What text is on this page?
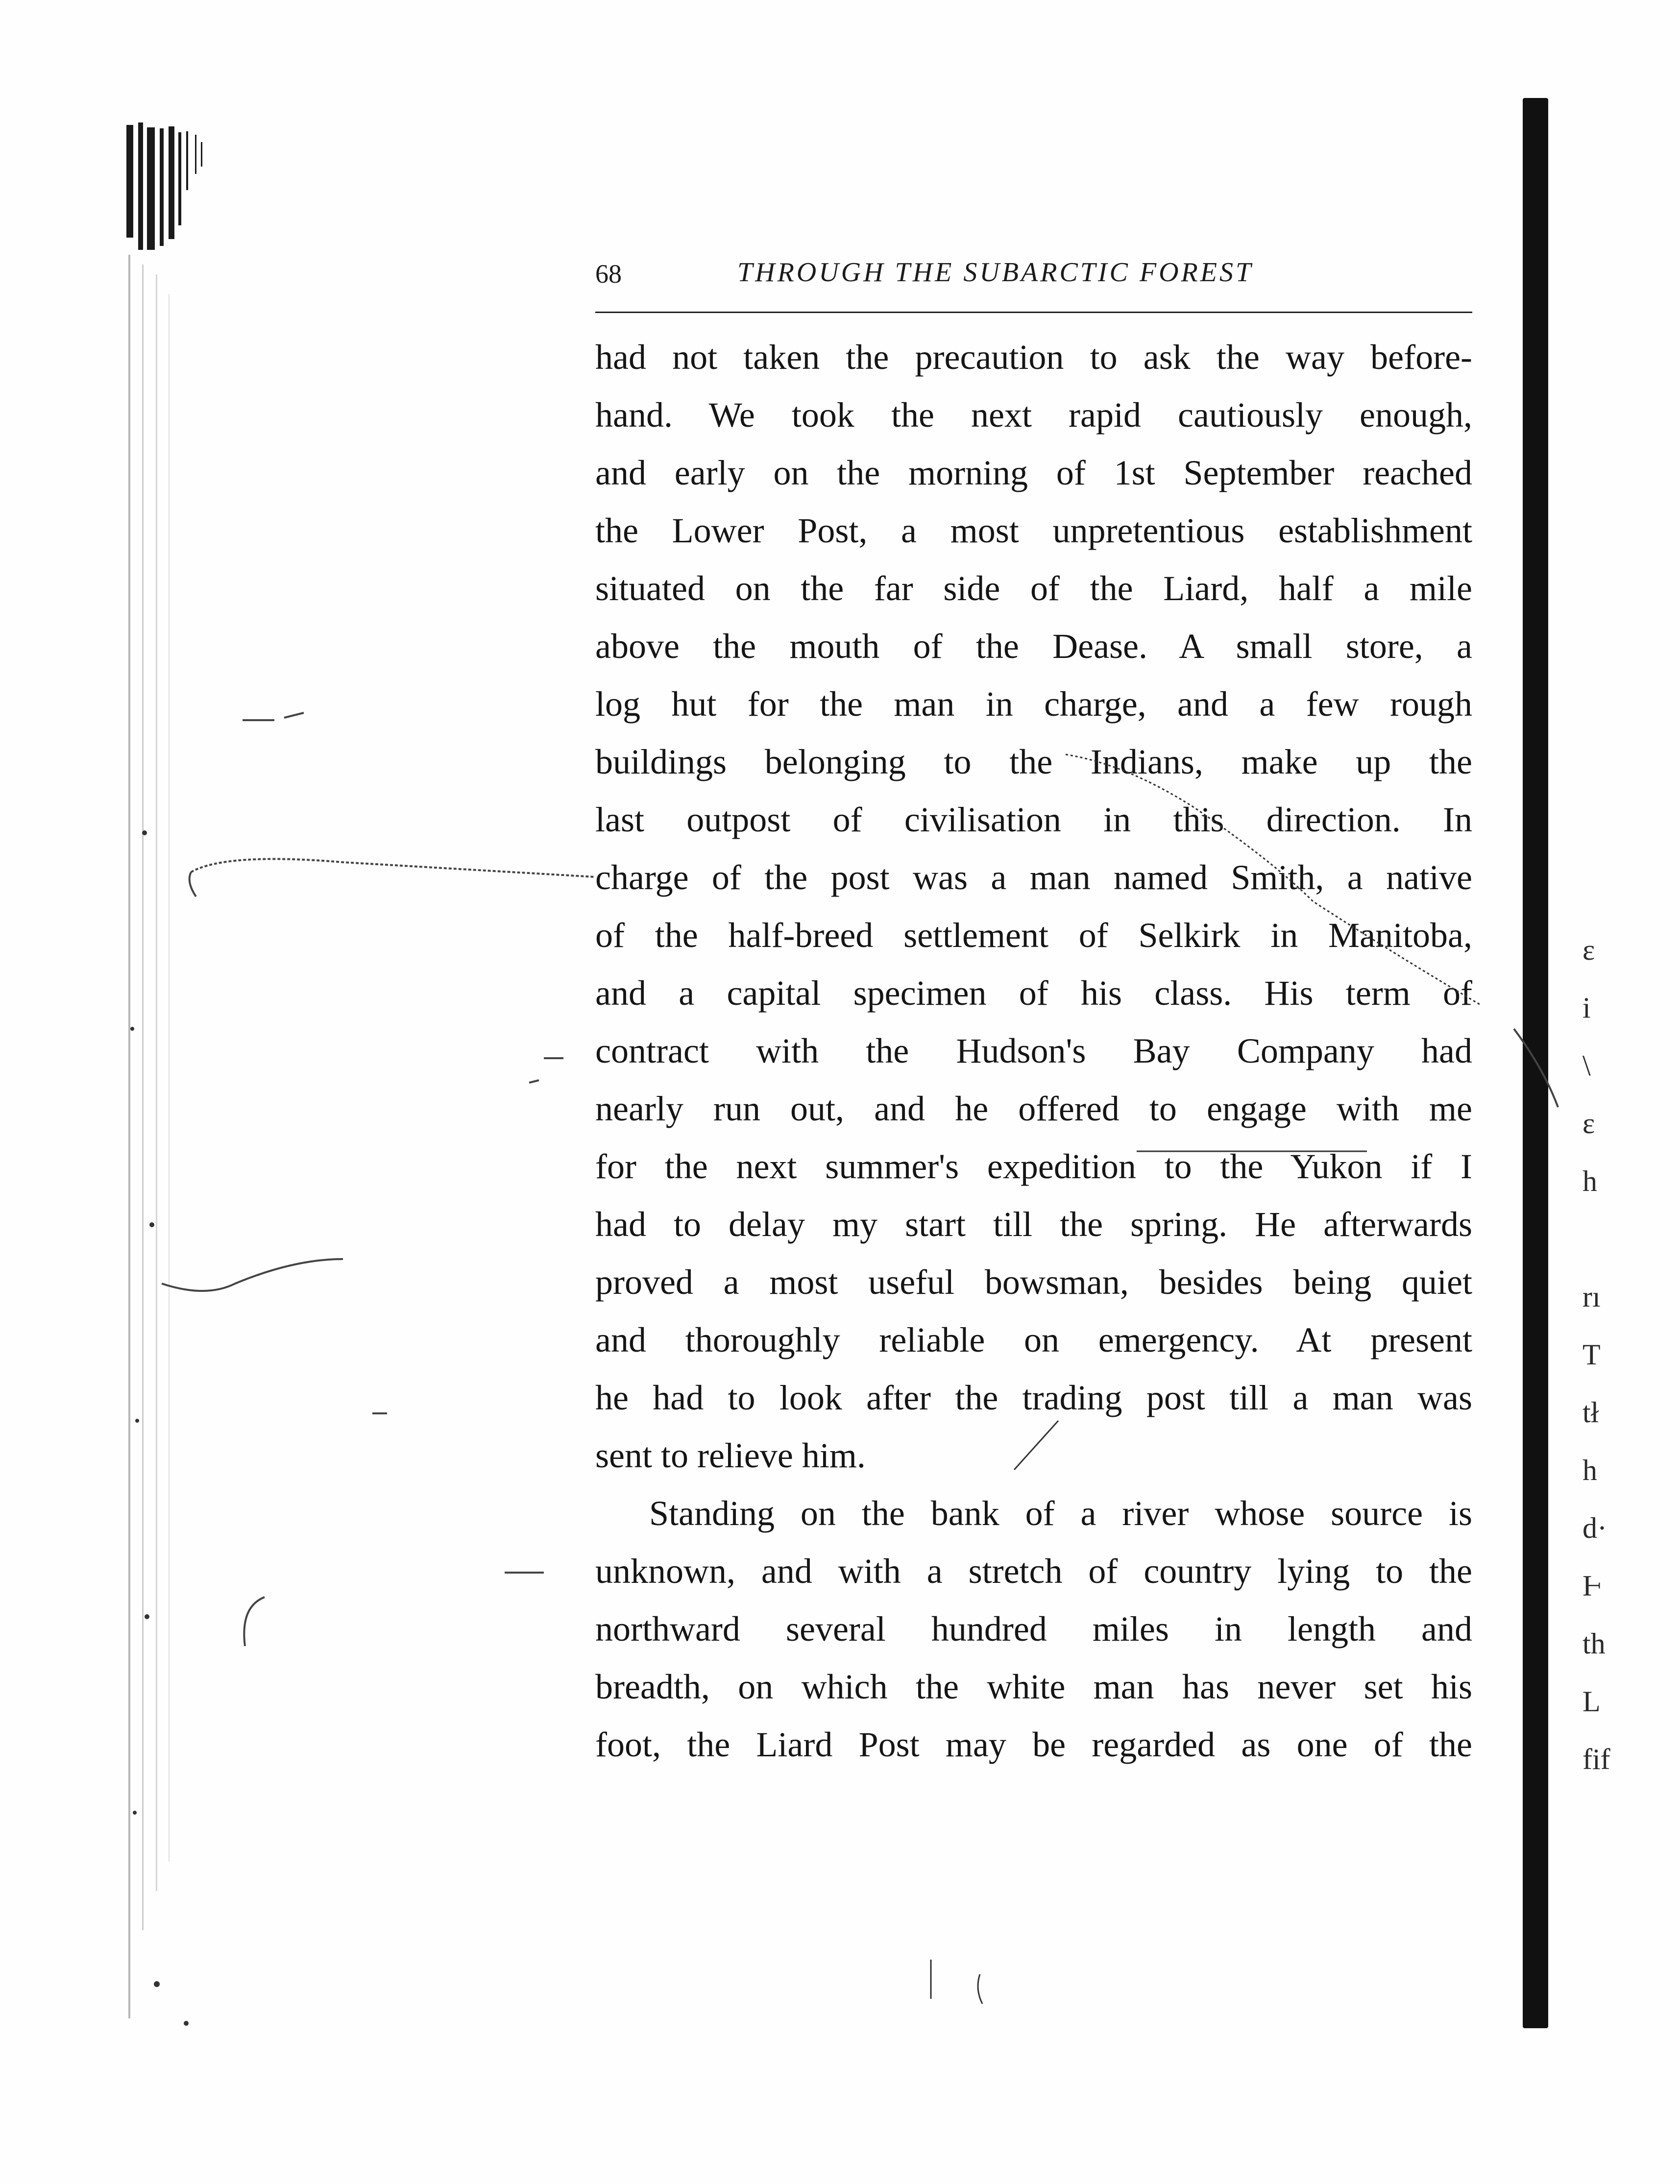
68	THROUGH THE SUBARCTIC FOREST
had not taken the precaution to ask the way before-
hand. We took the next rapid cautiously enough,
and early on the morning of 1st September reached
the Lower Post, a most unpretentious establishment
situated on the far side of the Liard, half a mile
above the mouth of the Dease. A small store, a
log hut for the man in charge, and a few rough
buildings belonging to the Indians, make up the
last outpost of civilisation in this direction. In
charge of the post was a man named Smith, a native
of the half-breed settlement of Selkirk in Manitoba,
and a capital specimen of his class. His term of
contract with the Hudson's Bay Company had
nearly run out, and he offered to engage with me
for the next summer's expedition to the Yukon if I
had to delay my start till the spring. He afterwards
proved a most useful bowsman, besides being quiet
and thoroughly reliable on emergency. At present
he had to look after the trading post till a man was
sent to relieve him.
Standing on the bank of a river whose source is
unknown, and with a stretch of country lying to the
northward several hundred miles in length and
breadth, on which the white man has never set his
foot, the Liard Post may be regarded as one of the
ɛ
i
\
ɛ
h
rı
T
tł
h
d·
Ⱶ
th
L
fif
